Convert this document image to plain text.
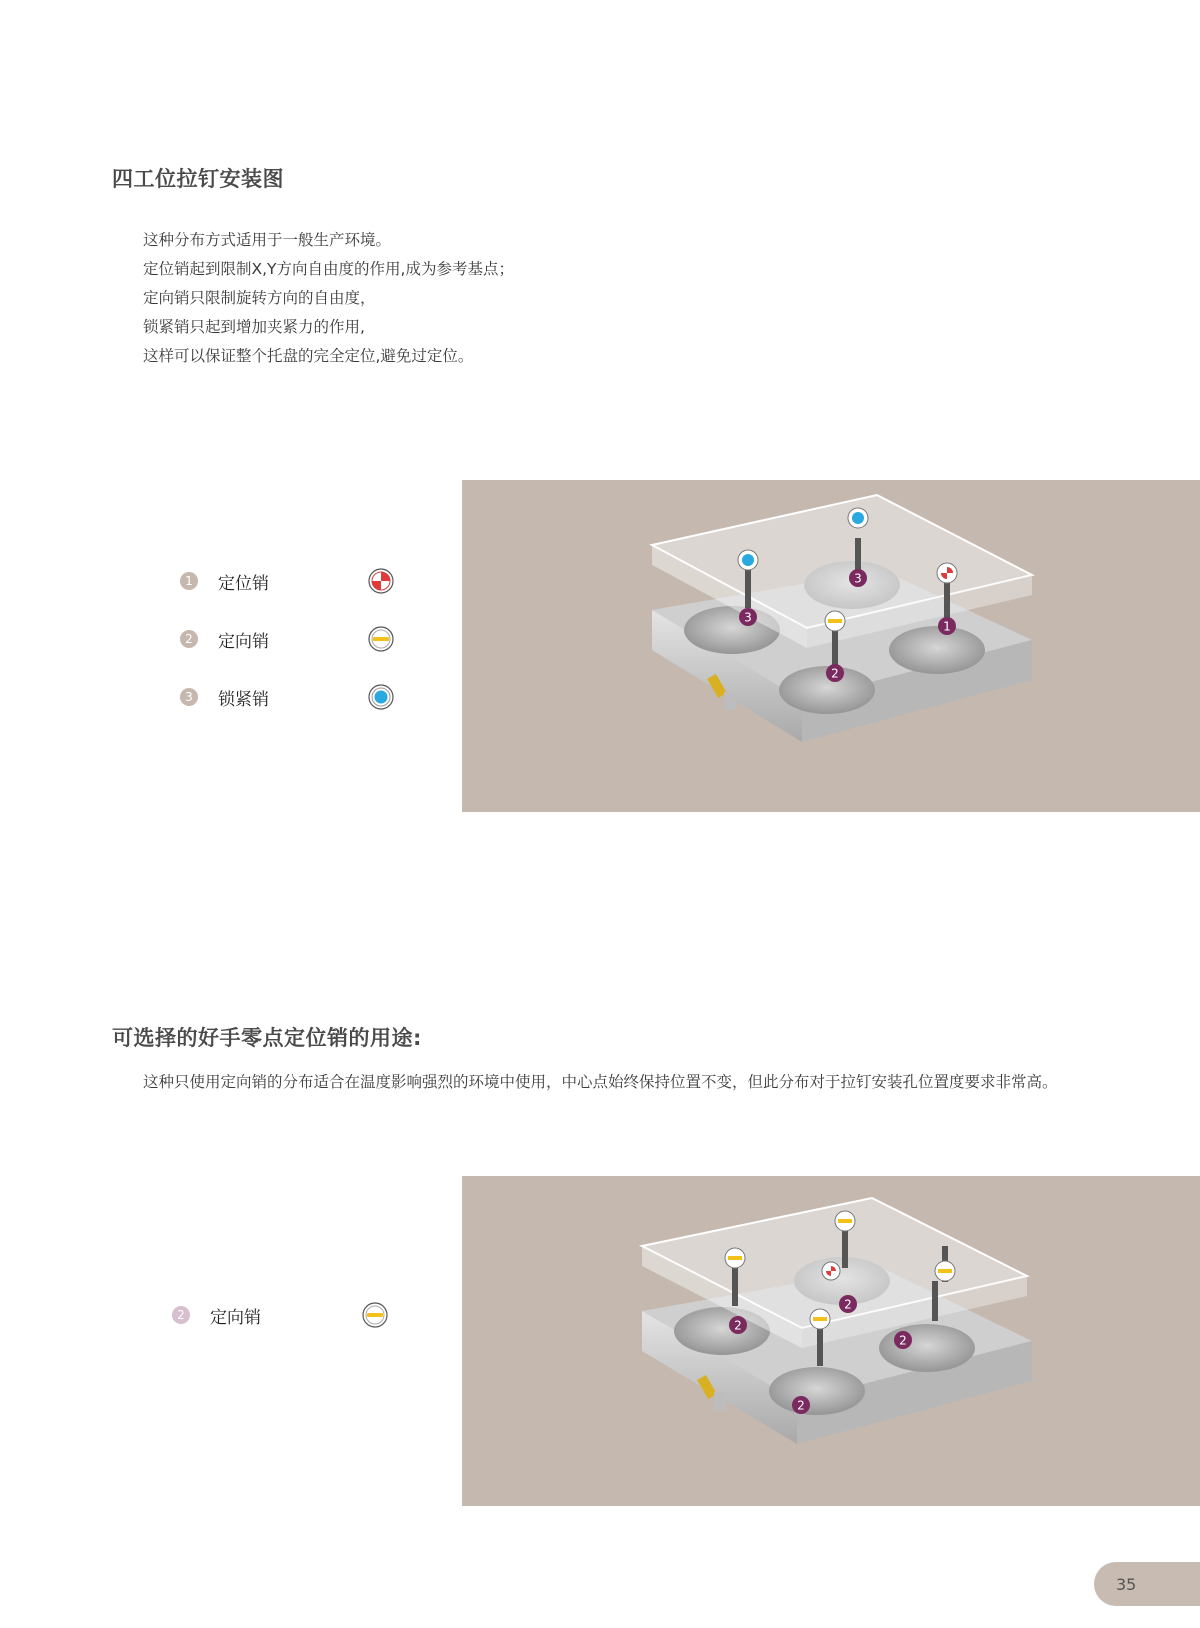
四工位拉钉安装图
这种分布方式适用于一般生产环境。
定位销起到限制X,Y方向自由度的作用,成为参考基点；
定向销只限制旋转方向的自由度，
锁紧销只起到增加夹紧力的作用,
这样可以保证整个托盘的完全定位,避免过定位。
1	定位销
2	定向销
3	锁紧销
3
3
1
2
可选择的好手零点定位销的用途:
这种只使用定向销的分布适合在温度影响强烈的环境中使用，中心点始终保持位置不变，但此分布对于拉钉安装孔位置度要求非常高。
2	定向销	2
2
2
2
35
